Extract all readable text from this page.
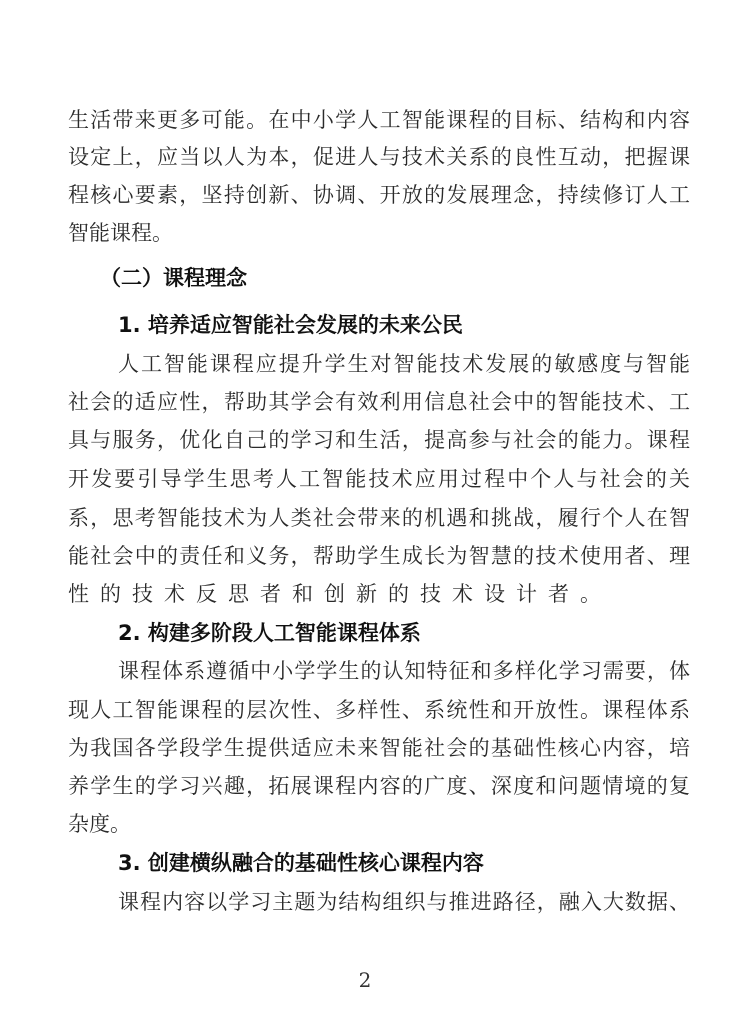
生活带来更多可能。在中小学人工智能课程的目标、结构和内容
设定上，应当以人为本，促进人与技术关系的良性互动，把握课
程核心要素，坚持创新、协调、开放的发展理念，持续修订人工
智能课程。
（二）课程理念
1. 培养适应智能社会发展的未来公民
人工智能课程应提升学生对智能技术发展的敏感度与智能
社会的适应性，帮助其学会有效利用信息社会中的智能技术、工
具与服务，优化自己的学习和生活，提高参与社会的能力。课程
开发要引导学生思考人工智能技术应用过程中个人与社会的关
系，思考智能技术为人类社会带来的机遇和挑战，履行个人在智
能社会中的责任和义务，帮助学生成长为智慧的技术使用者、理
性的技术反思者和创新的技术设计者。
2. 构建多阶段人工智能课程体系
课程体系遵循中小学学生的认知特征和多样化学习需要，体
现人工智能课程的层次性、多样性、系统性和开放性。课程体系
为我国各学段学生提供适应未来智能社会的基础性核心内容，培
养学生的学习兴趣，拓展课程内容的广度、深度和问题情境的复
杂度。
3. 创建横纵融合的基础性核心课程内容
课程内容以学习主题为结构组织与推进路径，融入大数据、
2
